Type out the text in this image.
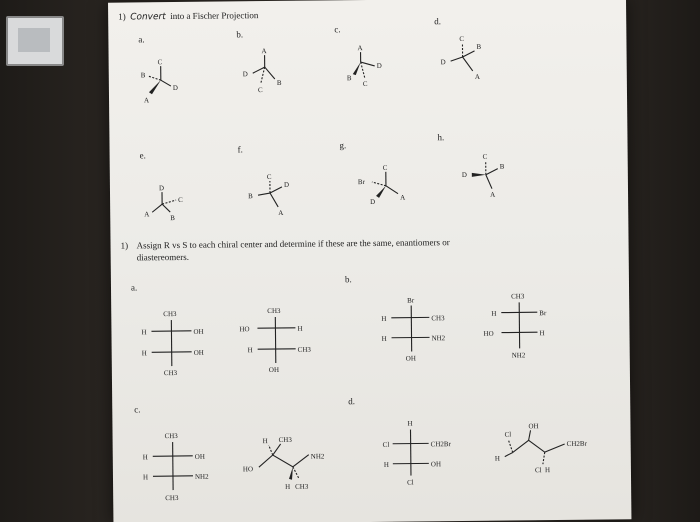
1) Convert into a Fischer Projection
a.	b.	c.
d.
C
B
D
A
A
D
B
C
A
D
B
C
C
B
D
A
e.
f.	g.
h.
D
C
A	B
C
D
B
A
C
Br
D
A
C
B
D
A
1) Assign R vs S to each chiral center and determine if these are the same, enantiomers or
diastereomers.
a.
b.
c.
d.
CH3
H	OH
H	OH
CH3
CH3
HO	H
H	CH3
OH
Br
H	CH3
H	NH2
OH
CH3
H	Br
HO	H
NH2
CH3
H	OH
H	NH2
CH3
H CH3
NH2
HO
H CH3
H
Cl	CH2Br
H	OH
Cl
Cl
OH
H
CH2Br
Cl H
